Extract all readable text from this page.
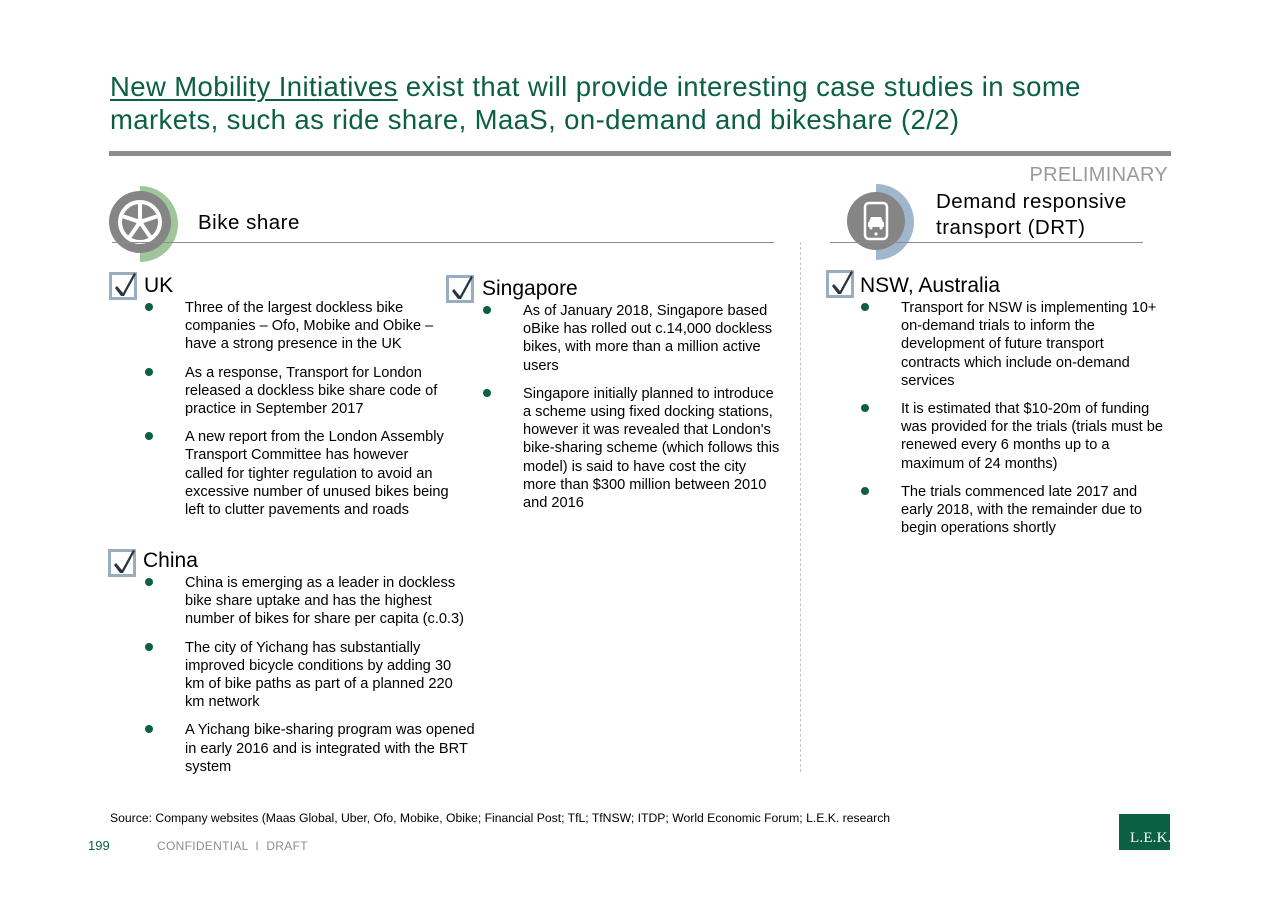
New Mobility Initiatives exist that will provide interesting case studies in some markets, such as ride share, MaaS, on-demand and bikeshare (2/2)
PRELIMINARY
Bike share
Demand responsive transport (DRT)
UK
Three of the largest dockless bike companies – Ofo, Mobike and Obike – have a strong presence in the UK
As a response, Transport for London released a dockless bike share code of practice in September 2017
A new report from the London Assembly Transport Committee has however called for tighter regulation to avoid an excessive number of unused bikes being left to clutter pavements and roads
China
China is emerging as a leader in dockless bike share uptake and has the highest number of bikes for share per capita (c.0.3)
The city of Yichang has substantially improved bicycle conditions by adding 30 km of bike paths as part of a planned 220 km network
A Yichang bike-sharing program was opened in early 2016 and is integrated with the BRT system
Singapore
As of January 2018, Singapore based oBike has rolled out c.14,000 dockless bikes, with more than a million active users
Singapore initially planned to introduce a scheme using fixed docking stations, however it was revealed that London's bike-sharing scheme (which follows this model) is said to have cost the city more than $300 million between 2010 and 2016
NSW, Australia
Transport for NSW is implementing 10+ on-demand trials to inform the development of future transport contracts which include on-demand services
It is estimated that $10-20m of funding was provided for the trials (trials must be renewed every 6 months up to a maximum of 24 months)
The trials commenced late 2017 and early 2018, with the remainder due to begin operations shortly
Source: Company websites (Maas Global, Uber, Ofo, Mobike, Obike; Financial Post; TfL; TfNSW; ITDP; World Economic Forum; L.E.K. research
199	CONFIDENTIAL  I  DRAFT	L.E.K.
